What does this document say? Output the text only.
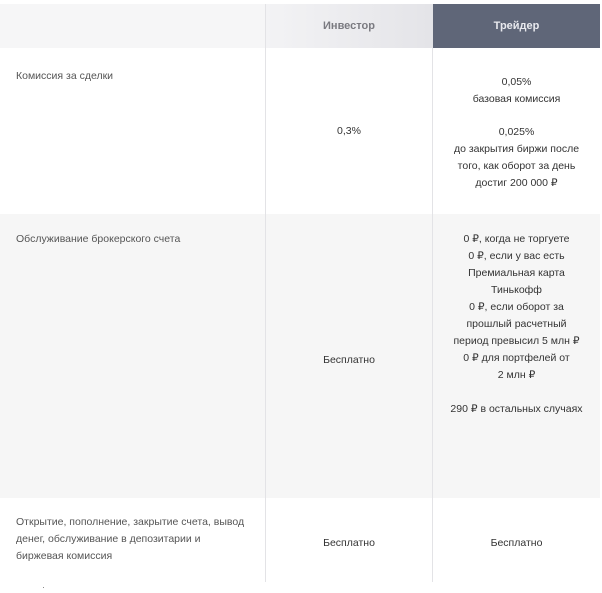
Инвестор	Трейдер
Комиссия за сделки
0,3%
0,05%
базовая комиссия
0,025%
до закрытия биржи после того, как оборот за день достиг 200 000 ₽
Обслуживание брокерского счета
Бесплатно
0 ₽, когда не торгуете
0 ₽, если у вас есть Премиальная карта Тинькофф
0 ₽, если оборот за прошлый расчетный период превысил 5 млн ₽
0 ₽ для портфелей от 2 млн ₽
290 ₽ в остальных случаях
Открытие, пополнение, закрытие счета, вывод денег, обслуживание в депозитарии и биржевая комиссия
Бесплатно	Бесплатно
